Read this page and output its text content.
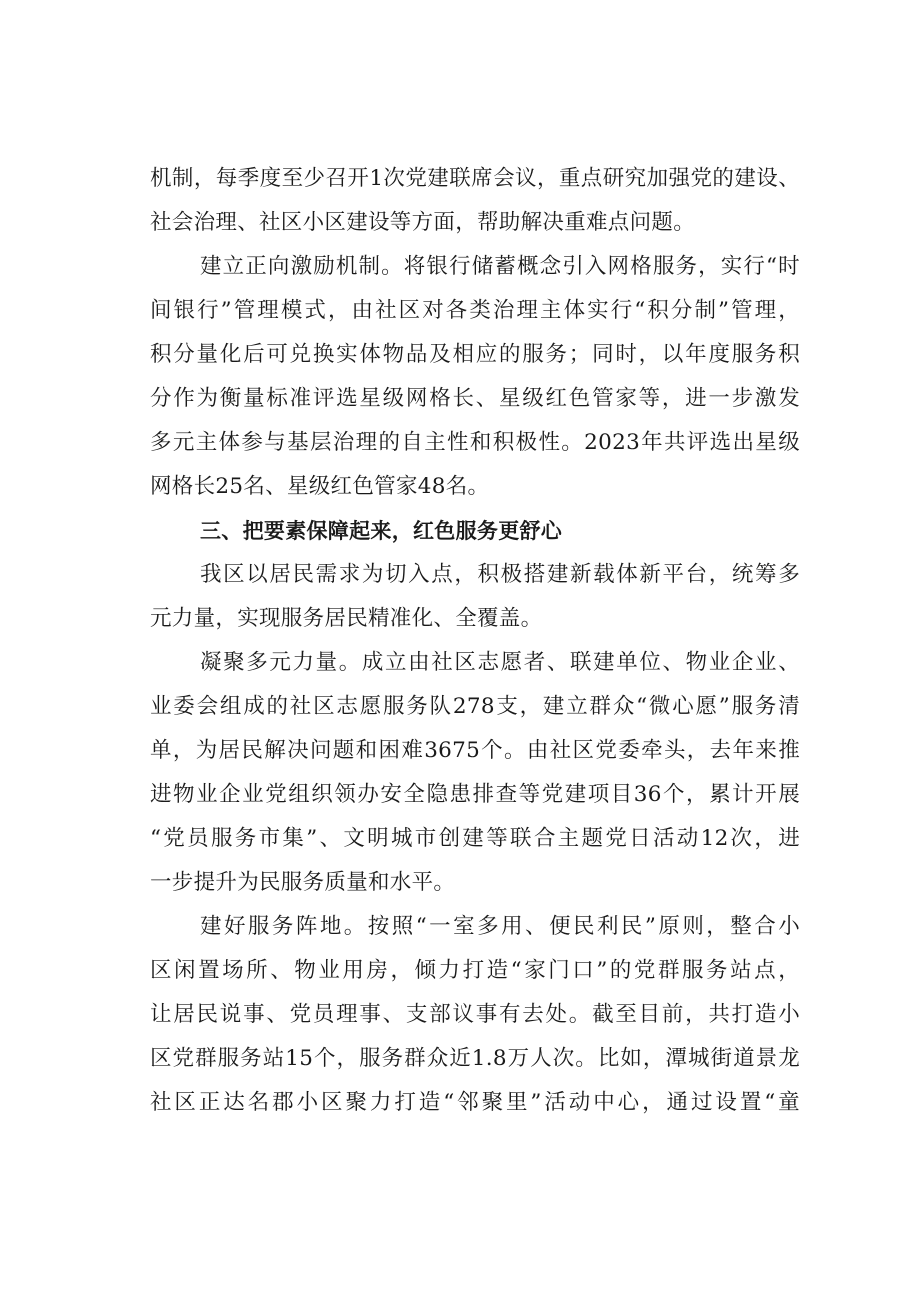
机制，每季度至少召开1次党建联席会议，重点研究加强党的建设、
社会治理、社区小区建设等方面，帮助解决重难点问题。
建立正向激励机制。将银行储蓄概念引入网格服务，实行“时
间银行”管理模式，由社区对各类治理主体实行“积分制”管理，
积分量化后可兑换实体物品及相应的服务；同时，以年度服务积
分作为衡量标准评选星级网格长、星级红色管家等，进一步激发
多元主体参与基层治理的自主性和积极性。2023年共评选出星级
网格长25名、星级红色管家48名。
三、把要素保障起来，红色服务更舒心
我区以居民需求为切入点，积极搭建新载体新平台，统筹多
元力量，实现服务居民精准化、全覆盖。
凝聚多元力量。成立由社区志愿者、联建单位、物业企业、
业委会组成的社区志愿服务队278支，建立群众“微心愿”服务清
单，为居民解决问题和困难3675个。由社区党委牵头，去年来推
进物业企业党组织领办安全隐患排查等党建项目36个，累计开展
“党员服务市集”、文明城市创建等联合主题党日活动12次，进
一步提升为民服务质量和水平。
建好服务阵地。按照“一室多用、便民利民”原则，整合小
区闲置场所、物业用房，倾力打造“家门口”的党群服务站点，
让居民说事、党员理事、支部议事有去处。截至目前，共打造小
区党群服务站15个，服务群众近1.8万人次。比如，潭城街道景龙
社区正达名郡小区聚力打造“邻聚里”活动中心，通过设置“童
